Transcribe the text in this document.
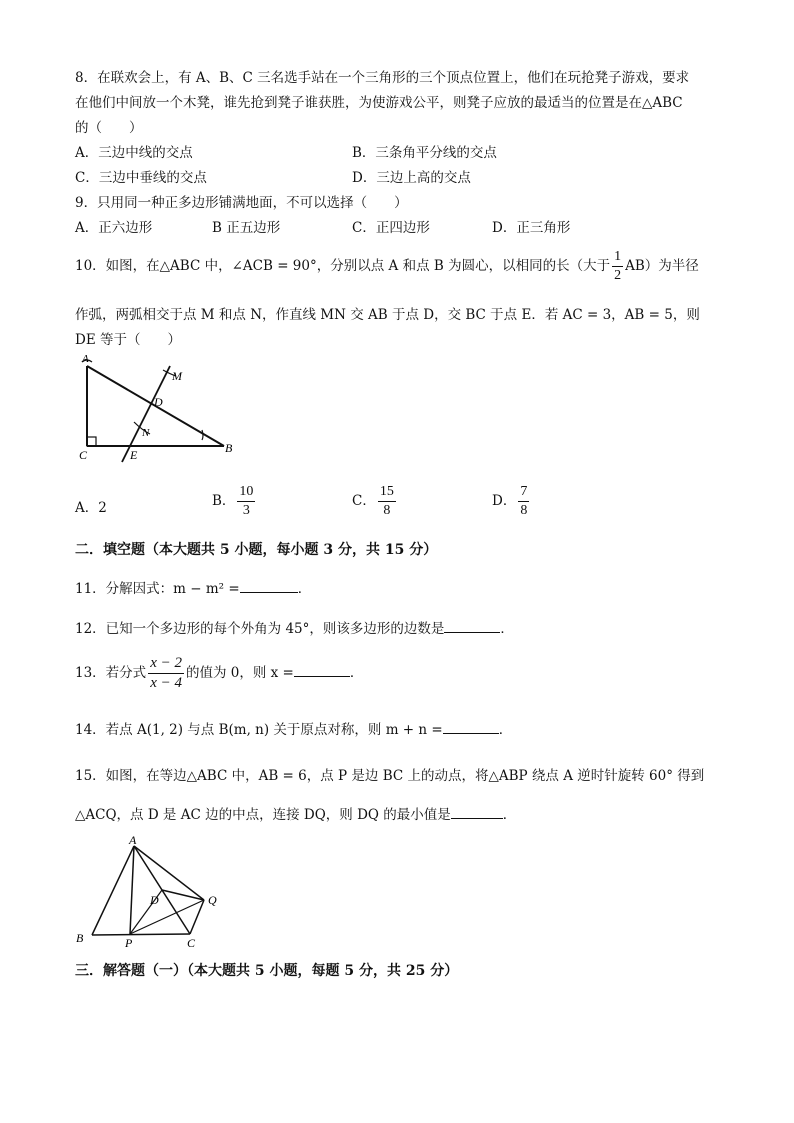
8．在联欢会上，有 A、B、C 三名选手站在一个三角形的三个顶点位置上，他们在玩抢凳子游戏，要求
在他们中间放一个木凳，谁先抢到凳子谁获胜，为使游戏公平，则凳子应放的最适当的位置是在△ABC
的（　　）
A．三边中线的交点	B．三条角平分线的交点
C．三边中垂线的交点	D．三边上高的交点
9．只用同一种正多边形铺满地面，不可以选择（　　）
A．正六边形	B 正五边形	C．正四边形	D．正三角形
10．如图，在△ABC 中，∠ACB = 90°，分别以点 A 和点 B 为圆心，以相同的长（大于 $\frac{1}{2} AB$）为半径
作弧，两弧相交于点 M 和点 N，作直线 MN 交 AB 于点 D，交 BC 于点 E．若 AC = 3，AB = 5，则
DE 等于（　　）
A
C	E	B
D
M
N
A．2	B． $\frac{10}{3}$	C． $\frac{15}{8}$	D． $\frac{7}{8}$
二．填空题（本大题共 5 小题，每小题 3 分，共 15 分）
11．分解因式：m − m² =	．
12．已知一个多边形的每个外角为 45°，则该多边形的边数是	．
13．若分式 $\frac{x - 2}{x - 4}$ 的值为 0，则 x =	．
14．若点 A(1, 2) 与点 B(m, n) 关于原点对称，则 m + n =	．
15．如图，在等边△ABC 中，AB = 6，点 P 是边 BC 上的动点，将△ABP 绕点 A 逆时针旋转 60° 得到
△ACQ，点 D 是 AC 边的中点，连接 DQ，则 DQ 的最小值是	．
A
B	P	C
D	Q
三．解答题（一）（本大题共 5 小题，每题 5 分，共 25 分）
